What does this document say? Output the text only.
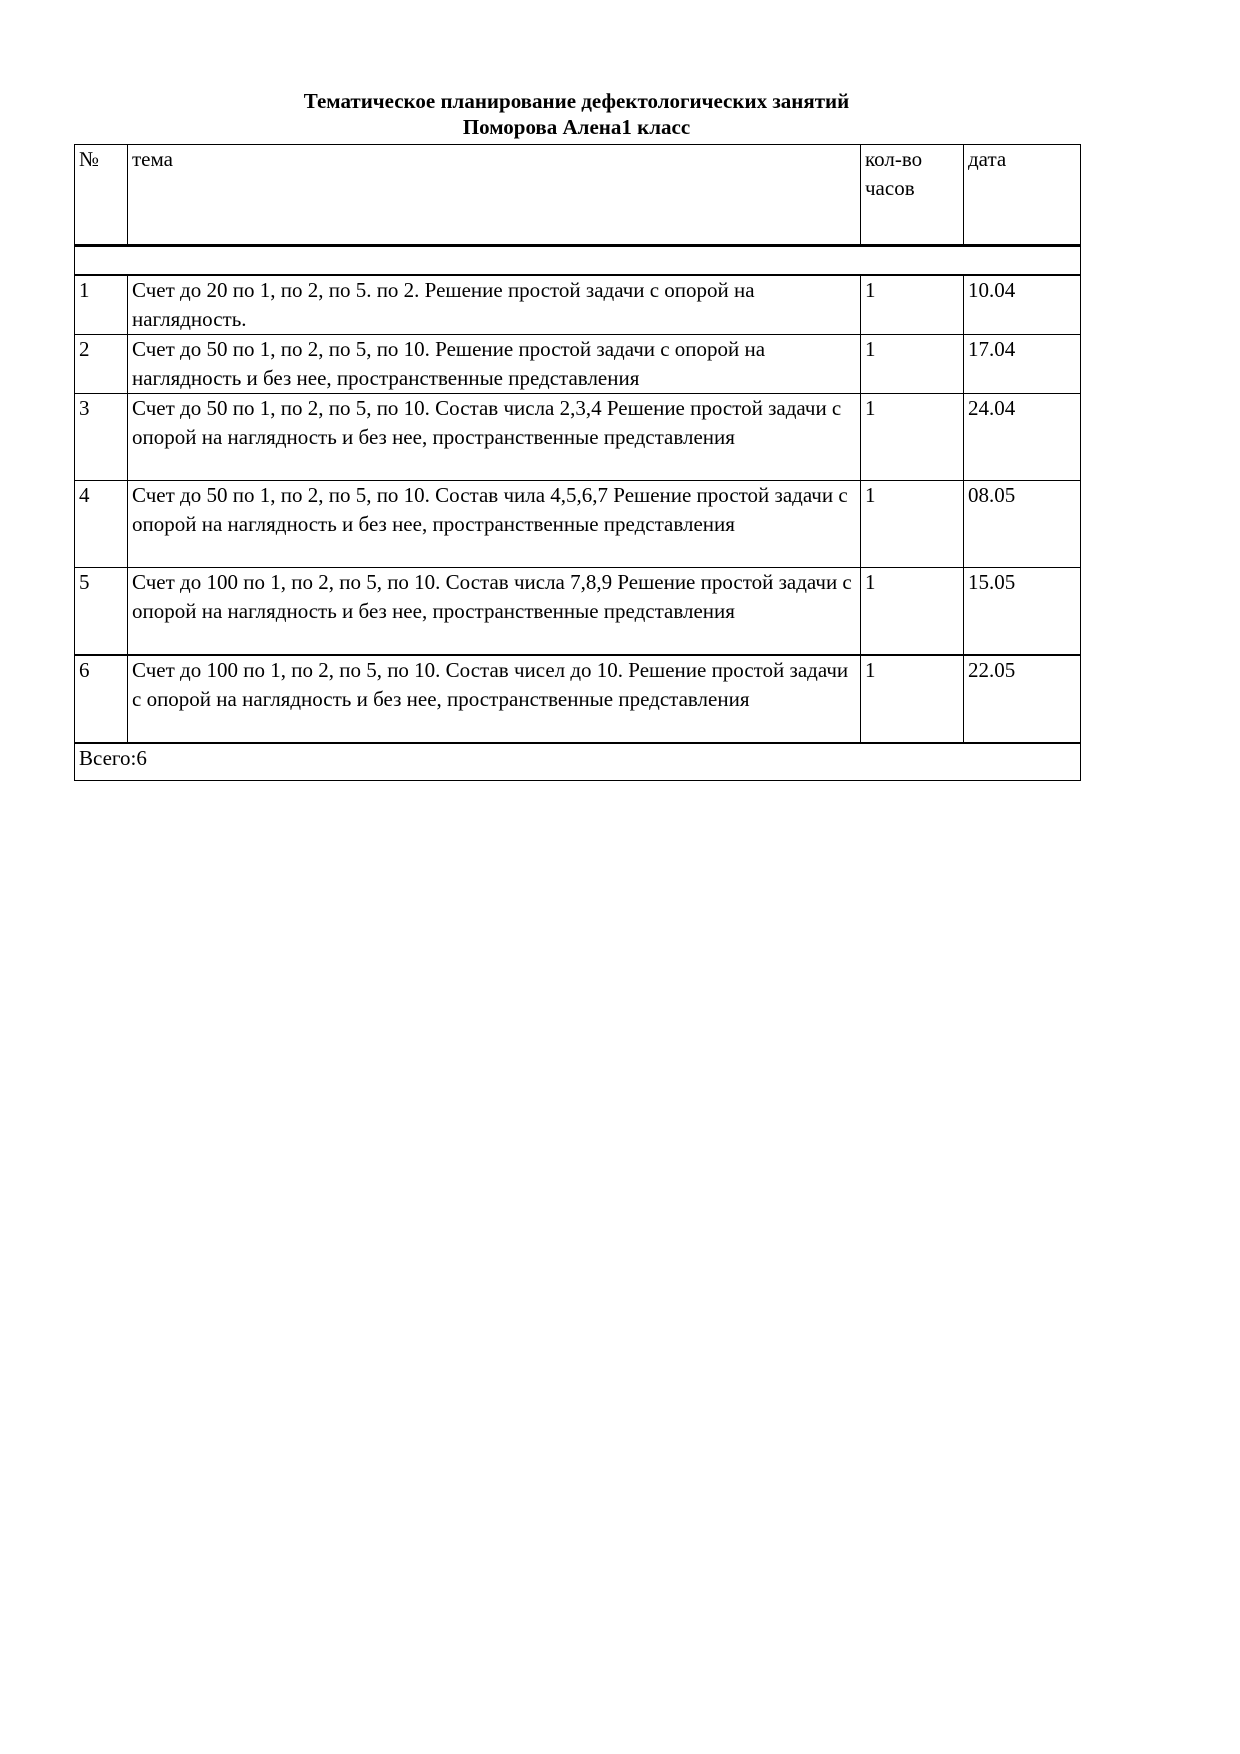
Тематическое планирование дефектологических занятий
Поморова Алена1 класс
№	тема	кол-во часов	дата

1	Счет до 20 по 1, по 2, по 5. по 2. Решение простой задачи с опорой на наглядность.	1	10.04
2	Счет до 50 по 1, по 2, по 5, по 10. Решение простой задачи с опорой на наглядность и без нее, пространственные представления	1	17.04
3	Счет до 50 по 1, по 2, по 5, по 10. Состав числа 2,3,4 Решение простой задачи с опорой на наглядность и без нее, пространственные представления	1	24.04
4	Счет до 50 по 1, по 2, по 5, по 10. Состав чила 4,5,6,7 Решение простой задачи с опорой на наглядность и без нее, пространственные представления	1	08.05
5	Счет до 100 по 1, по 2, по 5, по 10. Состав числа 7,8,9 Решение простой задачи с опорой на наглядность и без нее, пространственные представления	1	15.05
6	Счет до 100 по 1, по 2, по 5, по 10. Состав чисел до 10. Решение простой задачи с опорой на наглядность и без нее, пространственные представления	1	22.05
Всего:6			
